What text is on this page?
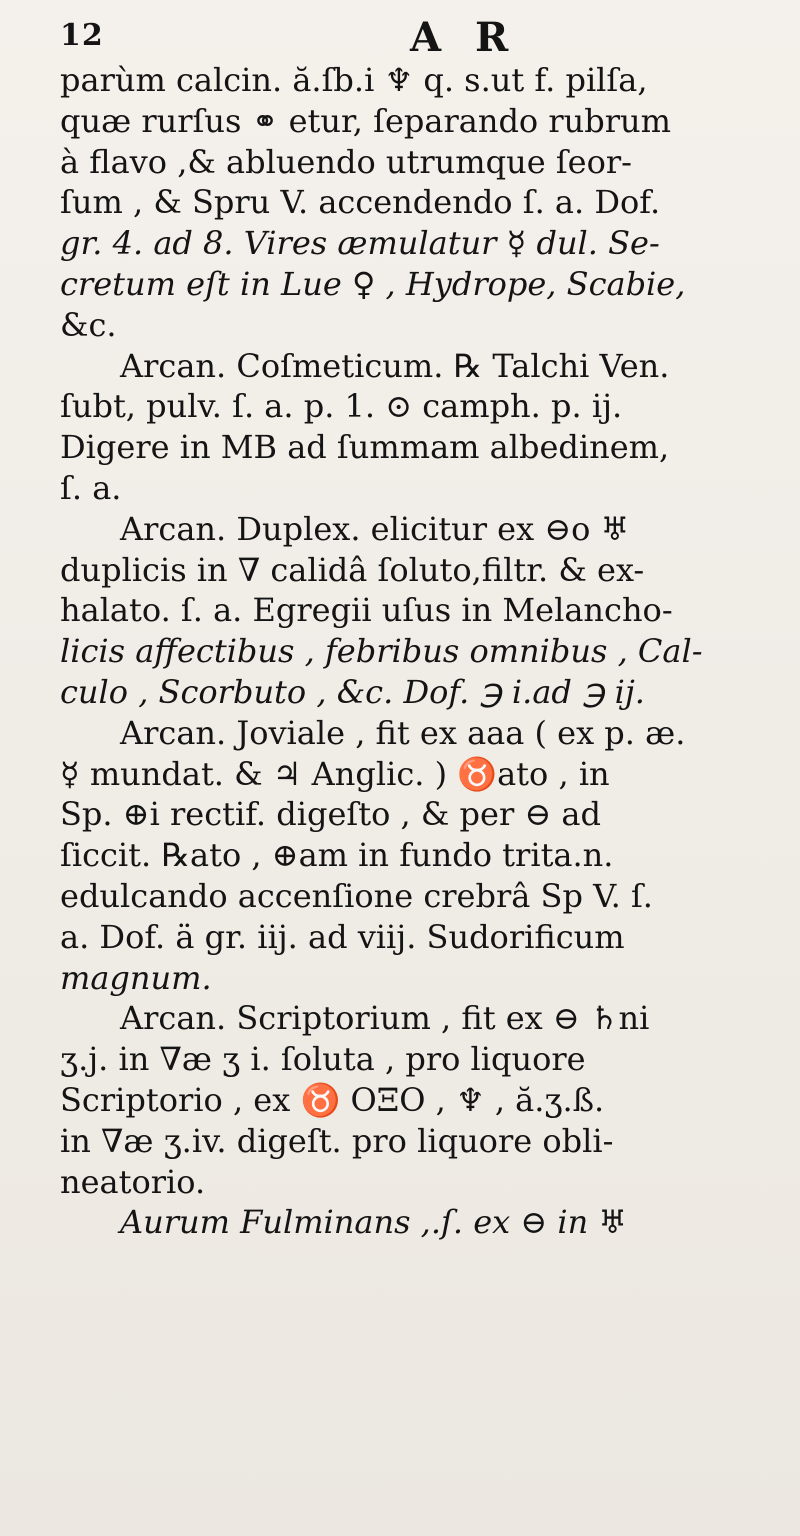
12	A R
parùm calcin. ă.ſb.i ♆ q. s.ut f. pilſa,
quæ rurſus ⚭ etur, ſeparando rubrum
à flavo ,& abluendo utrumque ſeor-
ſum , & Spru V. accendendo ſ. a. Dof.
gr. 4. ad 8. Vires æmulatur ☿ dul. Se-
cretum eſt in Lue ♀ , Hydrope, Scabie,
&c.
Arcan. Coſmeticum. ℞ Talchi Ven.
ſubt, pulv. ſ. a. p. 1. ⊙ camph. p. ij.
Digere in MB ad ſummam albedinem,
ſ. a.
Arcan. Duplex. elicitur ex ⊖o ♅
duplicis in ∇ calidâ ſoluto,filtr. & ex-
halato. ſ. a. Egregii uſus in Melancho-
licis affectibus , febribus omnibus , Cal-
culo , Scorbuto , &c. Dof. ℈ i.ad ℈ ij.
Arcan. Joviale , fit ex aaa ( ex p. æ.
☿ mundat. & ♃ Anglic. ) ♉ato , in
Sp. ⊕i rectif. digeſto , & per ⊖ ad
ſiccit. ℞ato , ⊕am in fundo trita.n.
edulcando accenſione crebrâ Sp V. ſ.
a. Dof. ä gr. iij. ad viij. Sudorificum
magnum.
Arcan. Scriptorium , fit ex ⊖ ♄ni
ʒ.j. in ∇æ ʒ i. ſoluta , pro liquore
Scriptorio , ex ♉ OΞO , ♆ , ă.ʒ.ß.
in ∇æ ʒ.iv. digeſt. pro liquore obli-
neatorio.
Aurum Fulminans ,.ſ. ex ⊖ in ♅
